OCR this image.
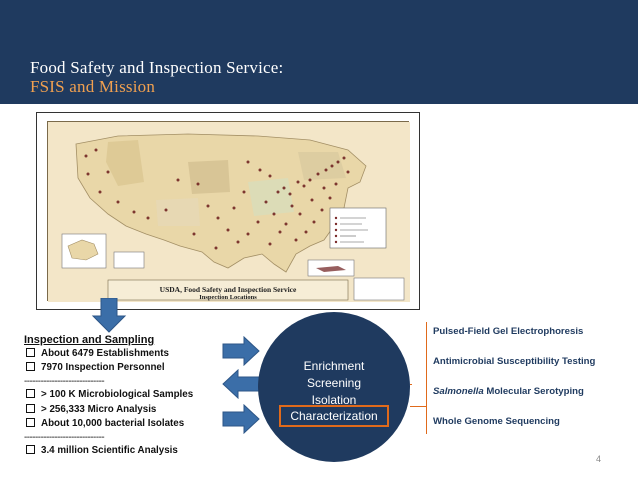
Food Safety and Inspection Service:
FSIS and Mission
USDA, Food Safety and Inspection Service
Inspection Locations
Inspection and Sampling
About 6479 Establishments
7970 Inspection Personnel
-----------------------------
> 100 K Microbiological Samples
> 256,333 Micro Analysis
About 10,000 bacterial Isolates
-----------------------------
3.4 million Scientific Analysis
Enrichment
Screening
Isolation
Characterization
Pulsed-Field Gel Electrophoresis
Antimicrobial Susceptibility Testing
Salmonella Molecular Serotyping
Whole Genome Sequencing
4
